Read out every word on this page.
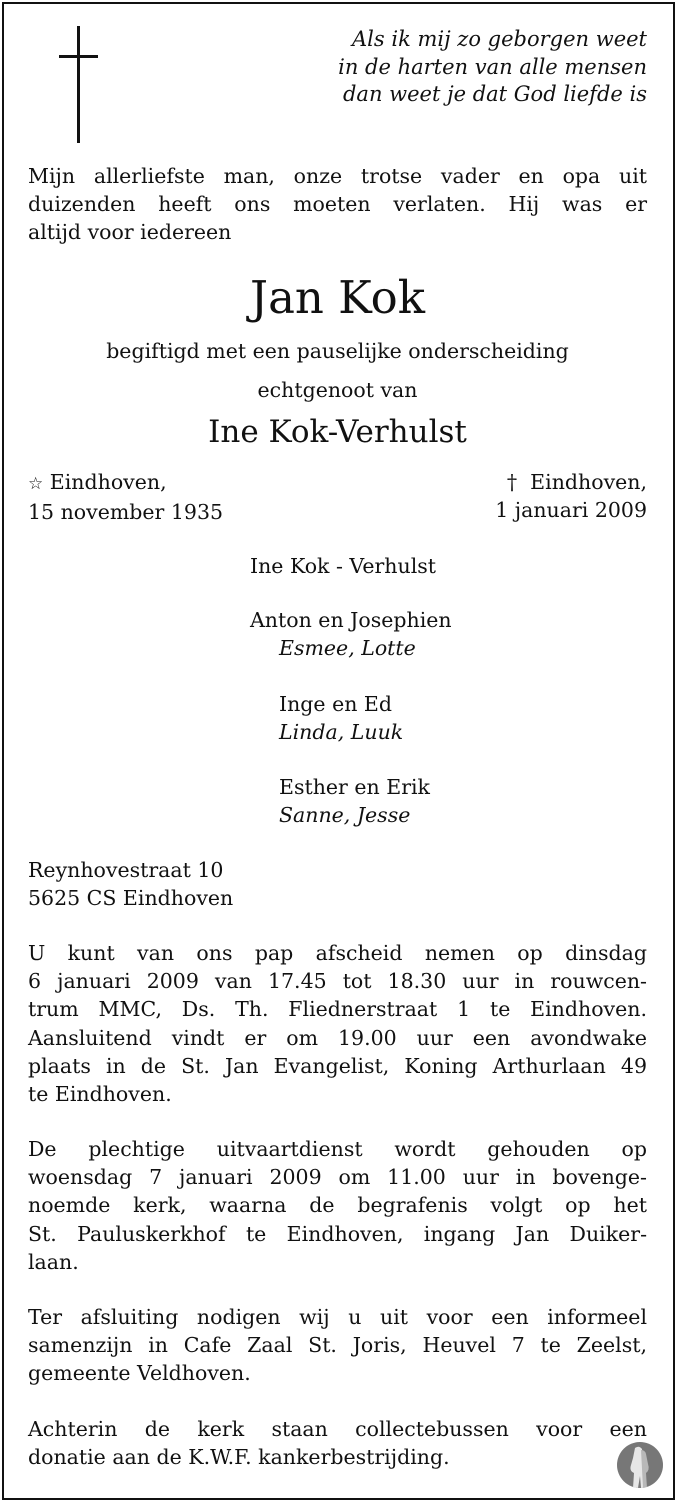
Als ik mij zo geborgen weet
in de harten van alle mensen
dan weet je dat God liefde is
Mijn allerliefste man, onze trotse vader en opa uit
duizenden heeft ons moeten verlaten. Hij was er
altijd voor iedereen
Jan Kok
begiftigd met een pauselijke onderscheiding
echtgenoot van
Ine Kok-Verhulst
☆ Eindhoven,
15 november 1935
† Eindhoven,
1 januari 2009
Ine Kok - Verhulst
Anton en Josephien
Esmee, Lotte
Inge en Ed
Linda, Luuk
Esther en Erik
Sanne, Jesse
Reynhovestraat 10
5625 CS Eindhoven
U kunt van ons pap afscheid nemen op dinsdag
6 januari 2009 van 17.45 tot 18.30 uur in rouwcen-
trum MMC, Ds. Th. Fliednerstraat 1 te Eindhoven.
Aansluitend vindt er om 19.00 uur een avondwake
plaats in de St. Jan Evangelist, Koning Arthurlaan 49
te Eindhoven.
De plechtige uitvaartdienst wordt gehouden op
woensdag 7 januari 2009 om 11.00 uur in bovenge-
noemde kerk, waarna de begrafenis volgt op het
St. Pauluskerkhof te Eindhoven, ingang Jan Duiker-
laan.
Ter afsluiting nodigen wij u uit voor een informeel
samenzijn in Cafe Zaal St. Joris, Heuvel 7 te Zeelst,
gemeente Veldhoven.
Achterin de kerk staan collectebussen voor een
donatie aan de K.W.F. kankerbestrijding.
